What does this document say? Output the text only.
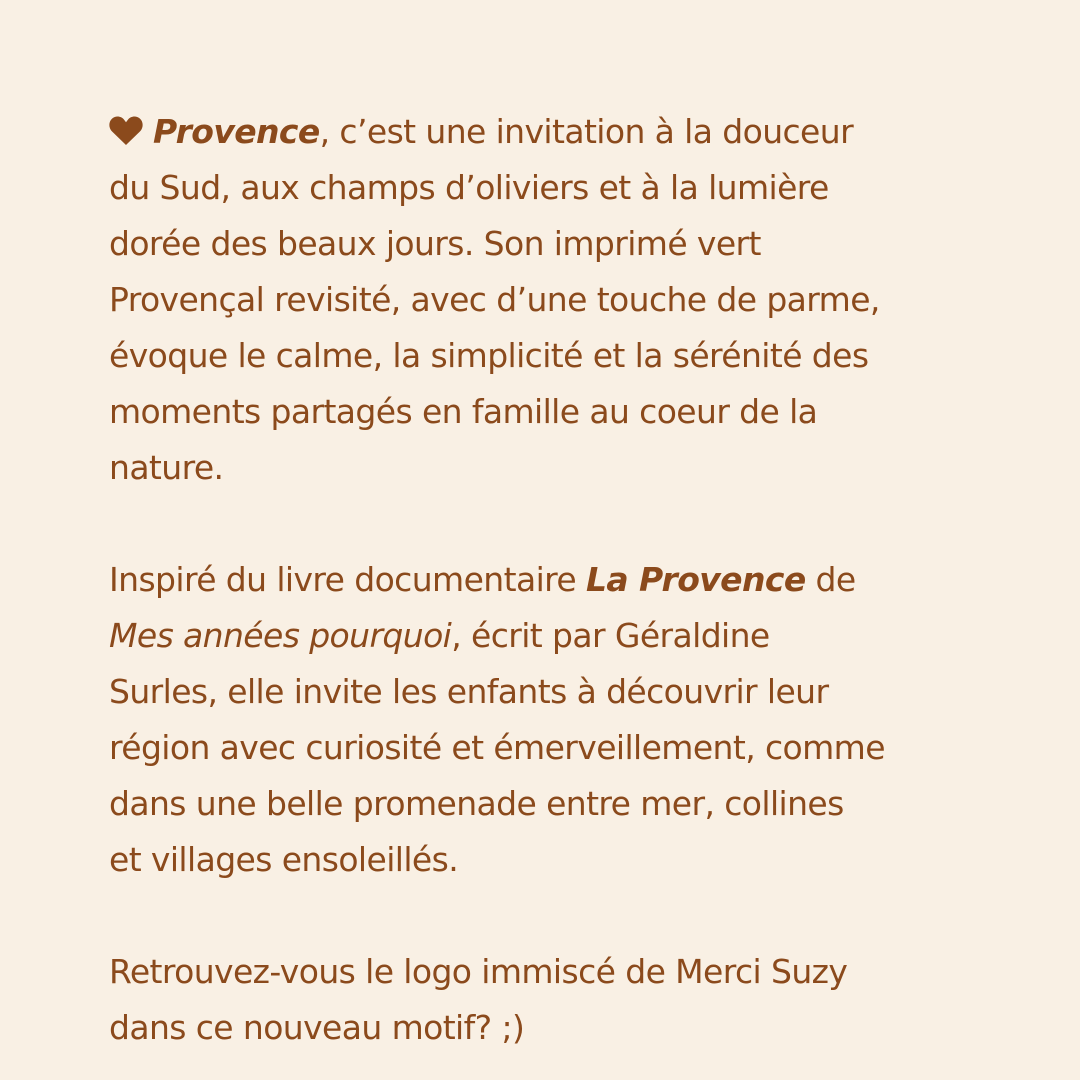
Provence, c’est une invitation à la douceur
du Sud, aux champs d’oliviers et à la lumière
dorée des beaux jours. Son imprimé vert
Provençal revisité, avec d’une touche de parme,
évoque le calme, la simplicité et la sérénité des
moments partagés en famille au coeur de la
nature.

Inspiré du livre documentaire La Provence de
Mes années pourquoi, écrit par Géraldine
Surles, elle invite les enfants à découvrir leur
région avec curiosité et émerveillement, comme
dans une belle promenade entre mer, collines
et villages ensoleillés.

Retrouvez-vous le logo immiscé de Merci Suzy
dans ce nouveau motif? ;)
